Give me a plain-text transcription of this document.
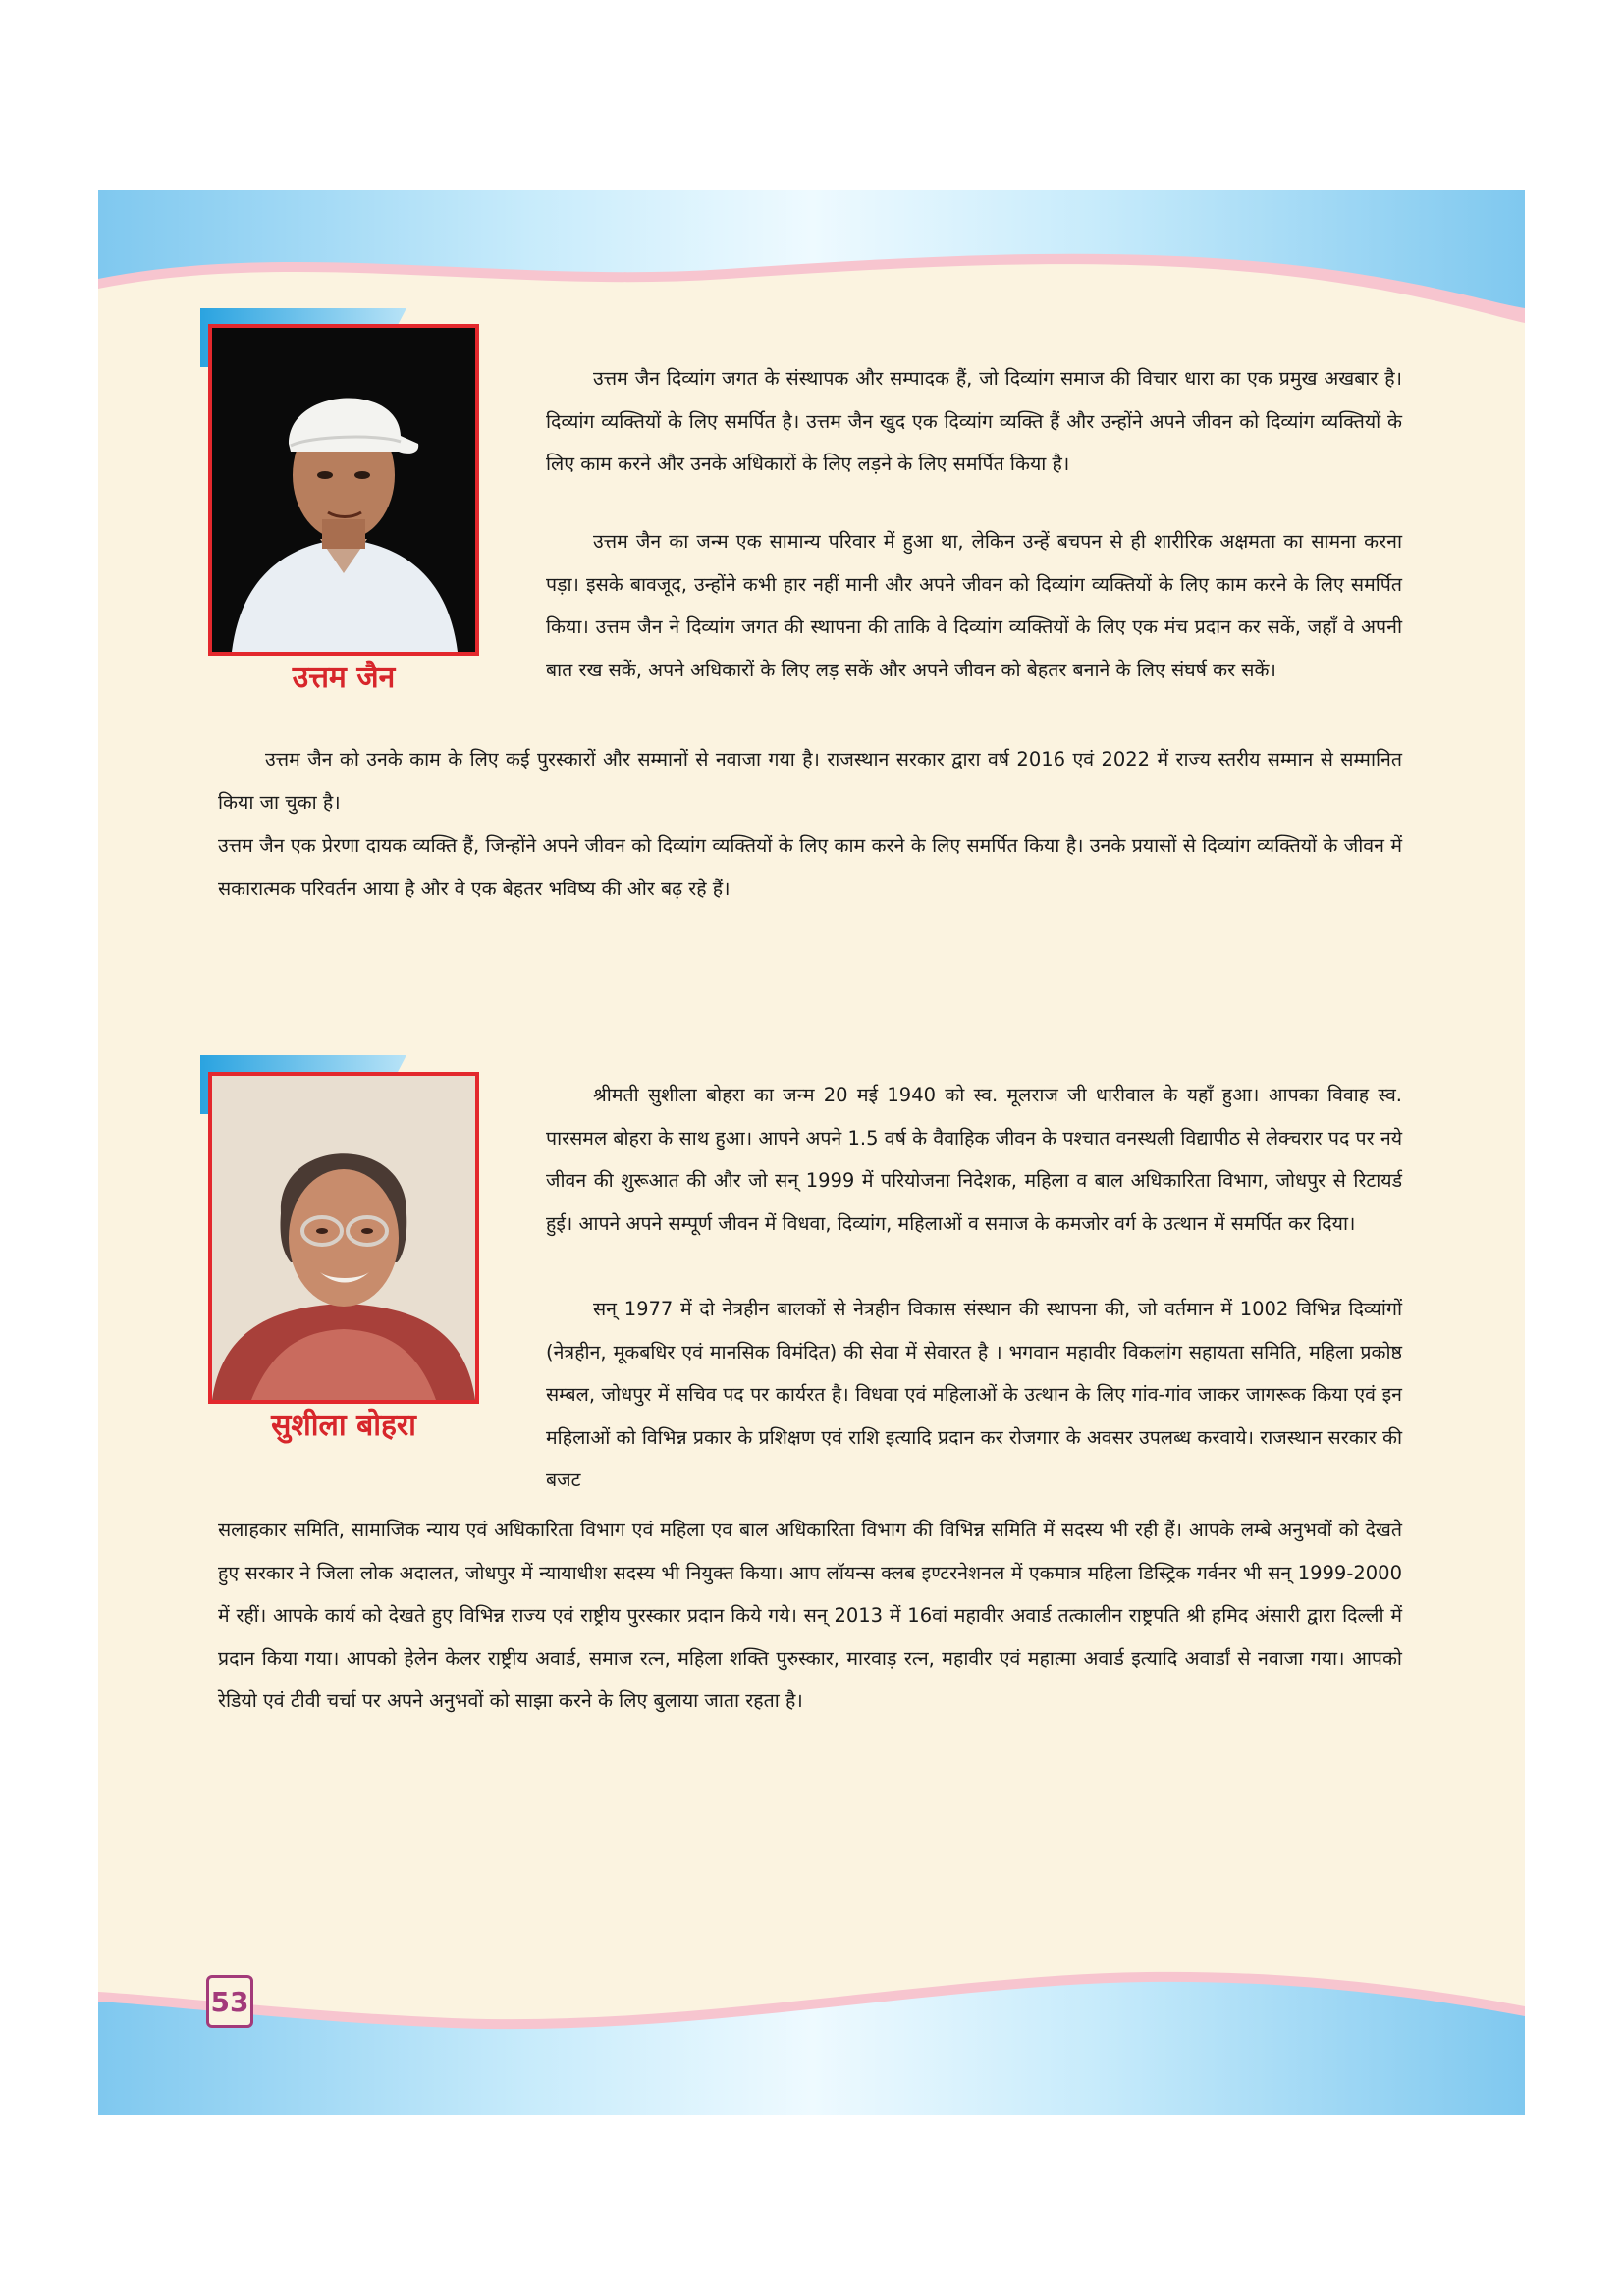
उत्तम जैन

उत्तम जैन दिव्यांग जगत के संस्थापक और सम्पादक हैं, जो दिव्यांग समाज की विचार धारा का एक प्रमुख अखबार है। दिव्यांग व्यक्तियों के लिए समर्पित है। उत्तम जैन खुद एक दिव्यांग व्यक्ति हैं और उन्होंने अपने जीवन को दिव्यांग व्यक्तियों के लिए काम करने और उनके अधिकारों के लिए लड़ने के लिए समर्पित किया है।

उत्तम जैन का जन्म एक सामान्य परिवार में हुआ था, लेकिन उन्हें बचपन से ही शारीरिक अक्षमता का सामना करना पड़ा। इसके बावजूद, उन्होंने कभी हार नहीं मानी और अपने जीवन को दिव्यांग व्यक्तियों के लिए काम करने के लिए समर्पित किया। उत्तम जैन ने दिव्यांग जगत की स्थापना की ताकि वे दिव्यांग व्यक्तियों के लिए एक मंच प्रदान कर सकें, जहाँ वे अपनी बात रख सकें, अपने अधिकारों के लिए लड़ सकें और अपने जीवन को बेहतर बनाने के लिए संघर्ष कर सकें।

उत्तम जैन को उनके काम के लिए कई पुरस्कारों और सम्मानों से नवाजा गया है। राजस्थान सरकार द्वारा वर्ष 2016 एवं 2022 में राज्य स्तरीय सम्मान से सम्मानित किया जा चुका है।

उत्तम जैन एक प्रेरणा दायक व्यक्ति हैं, जिन्होंने अपने जीवन को दिव्यांग व्यक्तियों के लिए काम करने के लिए समर्पित किया है। उनके प्रयासों से दिव्यांग व्यक्तियों के जीवन में सकारात्मक परिवर्तन आया है और वे एक बेहतर भविष्य की ओर बढ़ रहे हैं।

सुशीला बोहरा

श्रीमती सुशीला बोहरा का जन्म 20 मई 1940 को स्व. मूलराज जी धारीवाल के यहाँ हुआ। आपका विवाह स्व. पारसमल बोहरा के साथ हुआ। आपने अपने 1.5 वर्ष के वैवाहिक जीवन के पश्चात वनस्थली विद्यापीठ से लेक्चरार पद पर नये जीवन की शुरूआत की और जो सन् 1999 में परियोजना निदेशक, महिला व बाल अधिकारिता विभाग, जोधपुर से रिटायर्ड हुई। आपने अपने सम्पूर्ण जीवन में विधवा, दिव्यांग, महिलाओं व समाज के कमजोर वर्ग के उत्थान में समर्पित कर दिया।

सन् 1977 में दो नेत्रहीन बालकों से नेत्रहीन विकास संस्थान की स्थापना की, जो वर्तमान में 1002 विभिन्न दिव्यांगों (नेत्रहीन, मूकबधिर एवं मानसिक विमंदित) की सेवा में सेवारत है । भगवान महावीर विकलांग सहायता समिति, महिला प्रकोष्ठ सम्बल, जोधपुर में सचिव पद पर कार्यरत है। विधवा एवं महिलाओं के उत्थान के लिए गांव-गांव जाकर जागरूक किया एवं इन महिलाओं को विभिन्न प्रकार के प्रशिक्षण एवं राशि इत्यादि प्रदान कर रोजगार के अवसर उपलब्ध करवाये। राजस्थान सरकार की बजट

सलाहकार समिति, सामाजिक न्याय एवं अधिकारिता विभाग एवं महिला एव बाल अधिकारिता विभाग की विभिन्न समिति में सदस्य भी रही हैं। आपके लम्बे अनुभवों को देखते हुए सरकार ने जिला लोक अदालत, जोधपुर में न्यायाधीश सदस्य भी नियुक्त किया। आप लॉयन्स क्लब इण्टरनेशनल में एकमात्र महिला डिस्ट्रिक गर्वनर भी सन् 1999-2000 में रहीं। आपके कार्य को देखते हुए विभिन्न राज्य एवं राष्ट्रीय पुरस्कार प्रदान किये गये। सन् 2013 में 16वां महावीर अवार्ड तत्कालीन राष्ट्रपति श्री हमिद अंसारी द्वारा दिल्ली में प्रदान किया गया। आपको हेलेन केलर राष्ट्रीय अवार्ड, समाज रत्न, महिला शक्ति पुरुस्कार, मारवाड़ रत्न, महावीर एवं महात्मा अवार्ड इत्यादि अवार्डां से नवाजा गया। आपको रेडियो एवं टीवी चर्चा पर अपने अनुभवों को साझा करने के लिए बुलाया जाता रहता है।

53
